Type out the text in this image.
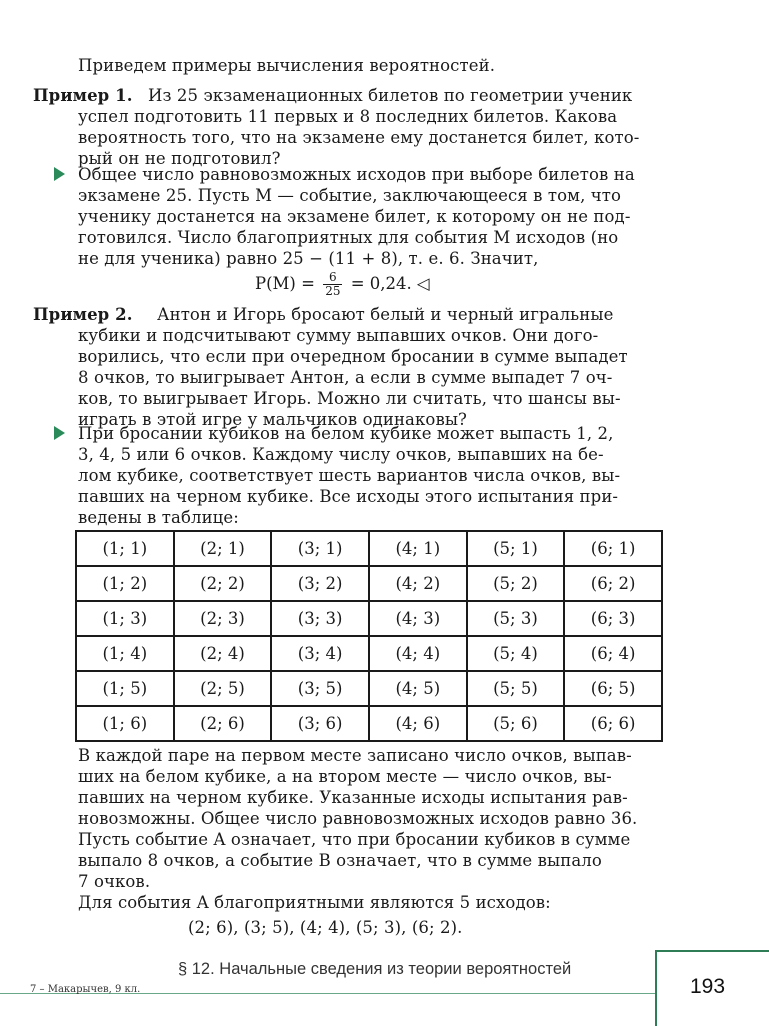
Приведем примеры вычисления вероятностей.
Пример 1. Из 25 экзаменационных билетов по геометрии ученик
успел подготовить 11 первых и 8 последних билетов. Какова
вероятность того, что на экзамене ему достанется билет, кото-
рый он не подготовил?
Общее число равновозможных исходов при выборе билетов на
экзамене 25. Пусть M — событие, заключающееся в том, что
ученику достанется на экзамене билет, к которому он не под-
готовился. Число благоприятных для события M исходов (но
не для ученика) равно 25 − (11 + 8), т. е. 6. Значит,
$P(M) = \frac{6}{25} = 0,24$. ◁
Пример 2. Антон и Игорь бросают белый и черный игральные
кубики и подсчитывают сумму выпавших очков. Они дого-
ворились, что если при очередном бросании в сумме выпадет
8 очков, то выигрывает Антон, а если в сумме выпадет 7 оч-
ков, то выигрывает Игорь. Можно ли считать, что шансы вы-
играть в этой игре у мальчиков одинаковы?
При бросании кубиков на белом кубике может выпасть 1, 2,
3, 4, 5 или 6 очков. Каждому числу очков, выпавших на бе-
лом кубике, соответствует шесть вариантов числа очков, вы-
павших на черном кубике. Все исходы этого испытания при-
ведены в таблице:
(1; 1)	(2; 1)	(3; 1)	(4; 1)	(5; 1)	(6; 1)
(1; 2)	(2; 2)	(3; 2)	(4; 2)	(5; 2)	(6; 2)
(1; 3)	(2; 3)	(3; 3)	(4; 3)	(5; 3)	(6; 3)
(1; 4)	(2; 4)	(3; 4)	(4; 4)	(5; 4)	(6; 4)
(1; 5)	(2; 5)	(3; 5)	(4; 5)	(5; 5)	(6; 5)
(1; 6)	(2; 6)	(3; 6)	(4; 6)	(5; 6)	(6; 6)
В каждой паре на первом месте записано число очков, выпав-
ших на белом кубике, а на втором месте — число очков, вы-
павших на черном кубике. Указанные исходы испытания рав-
новозможны. Общее число равновозможных исходов равно 36.
Пусть событие A означает, что при бросании кубиков в сумме
выпало 8 очков, а событие B означает, что в сумме выпало
7 очков.
Для события A благоприятными являются 5 исходов:
(2; 6), (3; 5), (4; 4), (5; 3), (6; 2).
§ 12. Начальные сведения из теории вероятностей
193
7 – Макарычев, 9 кл.
